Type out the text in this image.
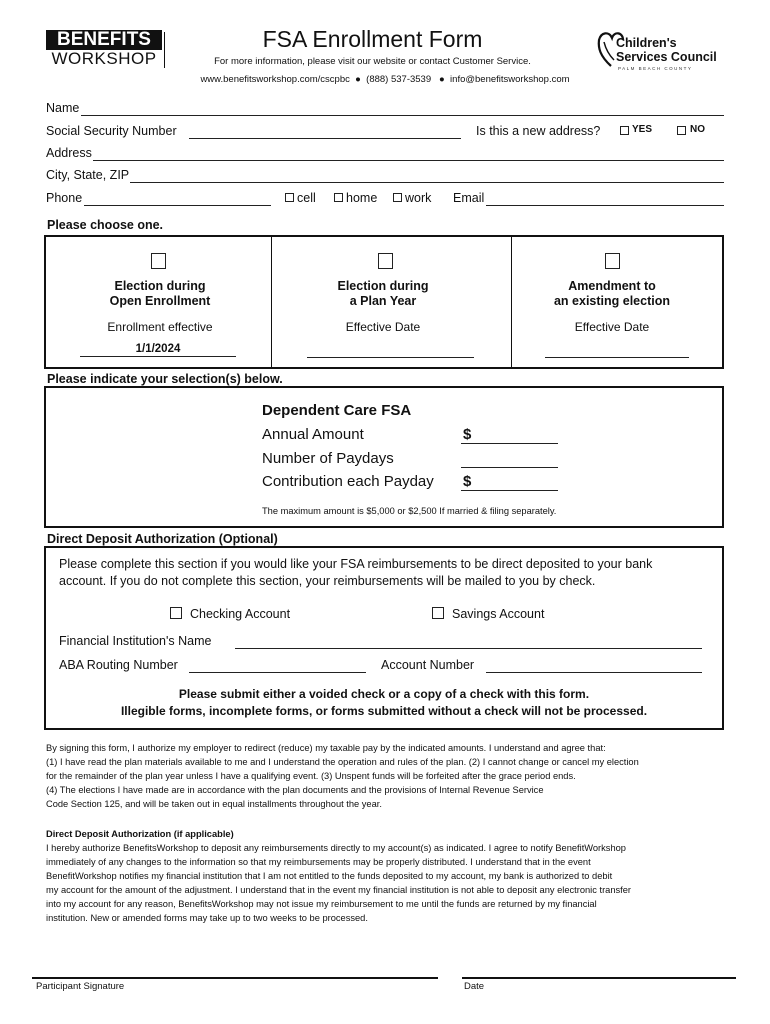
BENEFITS
WORKSHOP
FSA Enrollment Form
For more information, please visit our website or contact Customer Service.
www.benefitsworkshop.com/cscpbc  ●  (888) 537-3539   ●  info@benefitsworkshop.com
Children's
Services Council
PALM BEACH COUNTY
Name
Social Security Number	Is this a new address?	YES	NO
Address
City, State, ZIP
Phone	cell home work Email
Please choose one.
Election during
Open Enrollment
Enrollment effective
1/1/2024
Election during
a Plan Year
Effective Date
Amendment to
an existing election
Effective Date
Please indicate your selection(s) below.
Dependent Care FSA
Annual Amount	$
Number of Paydays
Contribution each Payday $
The maximum amount is $5,000 or $2,500 If married & filing separately.
Direct Deposit Authorization (Optional)
Please complete this section if you would like your FSA reimbursements to be direct deposited to your bank
account. If you do not complete this section, your reimbursements will be mailed to you by check.
Checking Account	Savings Account
Financial Institution's Name
ABA Routing Number	Account Number
Please submit either a voided check or a copy of a check with this form.
Illegible forms, incomplete forms, or forms submitted without a check will not be processed.
By signing this form, I authorize my employer to redirect (reduce) my taxable pay by the indicated amounts. I understand and agree that:
(1) I have read the plan materials available to me and I understand the operation and rules of the plan. (2) I cannot change or cancel my election
for the remainder of the plan year unless I have a qualifying event. (3) Unspent funds will be forfeited after the grace period ends.
(4) The elections I have made are in accordance with the plan documents and the provisions of Internal Revenue Service
Code Section 125, and will be taken out in equal installments throughout the year.
Direct Deposit Authorization (if applicable)
I hereby authorize BenefitsWorkshop to deposit any reimbursements directly to my account(s) as indicated. I agree to notify BenefitWorkshop
immediately of any changes to the information so that my reimbursements may be properly distributed. I understand that in the event
BenefitWorkshop notifies my financial institution that I am not entitled to the funds deposited to my account, my bank is authorized to debit
my account for the amount of the adjustment. I understand that in the event my financial institution is not able to deposit any electronic transfer
into my account for any reason, BenefitsWorkshop may not issue my reimbursement to me until the funds are returned by my financial
institution. New or amended forms may take up to two weeks to be processed.
Participant Signature	Date
